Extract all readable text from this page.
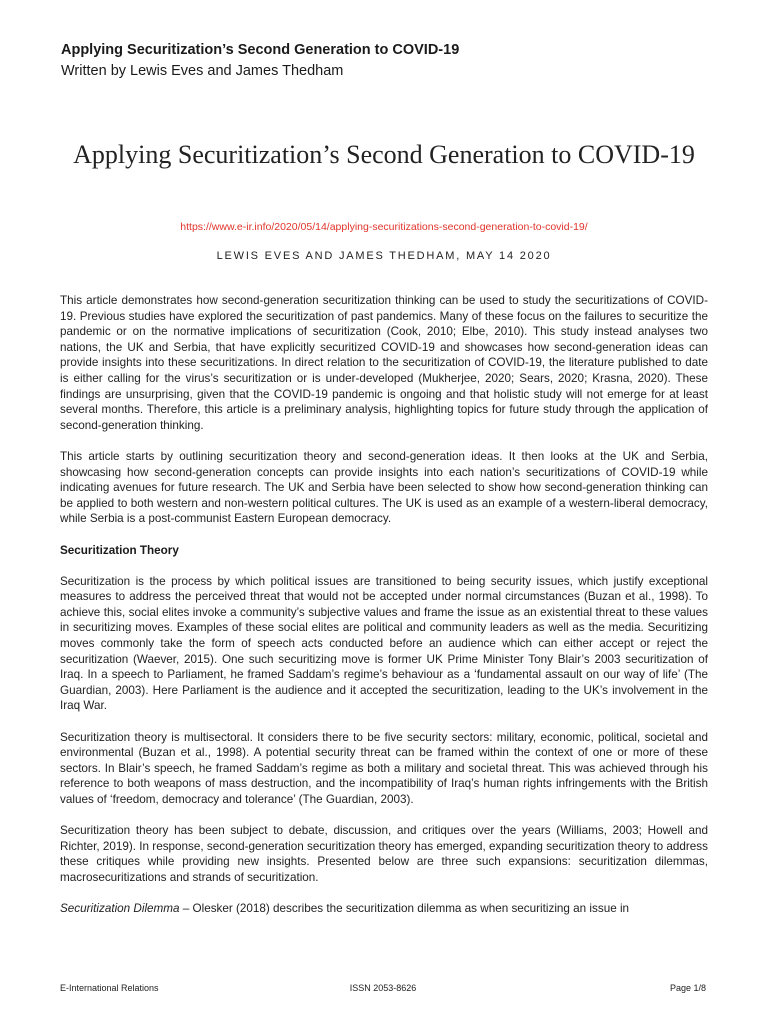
Applying Securitization’s Second Generation to COVID-19

Written by Lewis Eves and James Thedham

Applying Securitization’s Second Generation to COVID-19
https://www.e-ir.info/2020/05/14/applying-securitizations-second-generation-to-covid-19/

LEWIS EVES AND JAMES THEDHAM, MAY 14 2020

This article demonstrates how second-generation securitization thinking can be used to study the securitizations of COVID-19. Previous studies have explored the securitization of past pandemics. Many of these focus on the failures to securitize the pandemic or on the normative implications of securitization (Cook, 2010; Elbe, 2010). This study instead analyses two nations, the UK and Serbia, that have explicitly securitized COVID-19 and showcases how second-generation ideas can provide insights into these securitizations. In direct relation to the securitization of COVID-19, the literature published to date is either calling for the virus’s securitization or is under-developed (Mukherjee, 2020; Sears, 2020; Krasna, 2020). These findings are unsurprising, given that the COVID-19 pandemic is ongoing and that holistic study will not emerge for at least several months. Therefore, this article is a preliminary analysis, highlighting topics for future study through the application of second-generation thinking.

This article starts by outlining securitization theory and second-generation ideas. It then looks at the UK and Serbia, showcasing how second-generation concepts can provide insights into each nation’s securitizations of COVID-19 while indicating avenues for future research. The UK and Serbia have been selected to show how second-generation thinking can be applied to both western and non-western political cultures. The UK is used as an example of a western-liberal democracy, while Serbia is a post-communist Eastern European democracy.

Securitization Theory

Securitization is the process by which political issues are transitioned to being security issues, which justify exceptional measures to address the perceived threat that would not be accepted under normal circumstances (Buzan et al., 1998). To achieve this, social elites invoke a community’s subjective values and frame the issue as an existential threat to these values in securitizing moves. Examples of these social elites are political and community leaders as well as the media. Securitizing moves commonly take the form of speech acts conducted before an audience which can either accept or reject the securitization (Waever, 2015). One such securitizing move is former UK Prime Minister Tony Blair’s 2003 securitization of Iraq. In a speech to Parliament, he framed Saddam’s regime’s behaviour as a ‘fundamental assault on our way of life’ (The Guardian, 2003). Here Parliament is the audience and it accepted the securitization, leading to the UK’s involvement in the Iraq War.

Securitization theory is multisectoral. It considers there to be five security sectors: military, economic, political, societal and environmental (Buzan et al., 1998). A potential security threat can be framed within the context of one or more of these sectors. In Blair’s speech, he framed Saddam’s regime as both a military and societal threat. This was achieved through his reference to both weapons of mass destruction, and the incompatibility of Iraq’s human rights infringements with the British values of ‘freedom, democracy and tolerance’ (The Guardian, 2003).

Securitization theory has been subject to debate, discussion, and critiques over the years (Williams, 2003; Howell and Richter, 2019). In response, second-generation securitization theory has emerged, expanding securitization theory to address these critiques while providing new insights. Presented below are three such expansions: securitization dilemmas, macrosecuritizations and strands of securitization.

Securitization Dilemma – Olesker (2018) describes the securitization dilemma as when securitizing an issue in

E-International Relations	ISSN 2053-8626	Page 1/8
